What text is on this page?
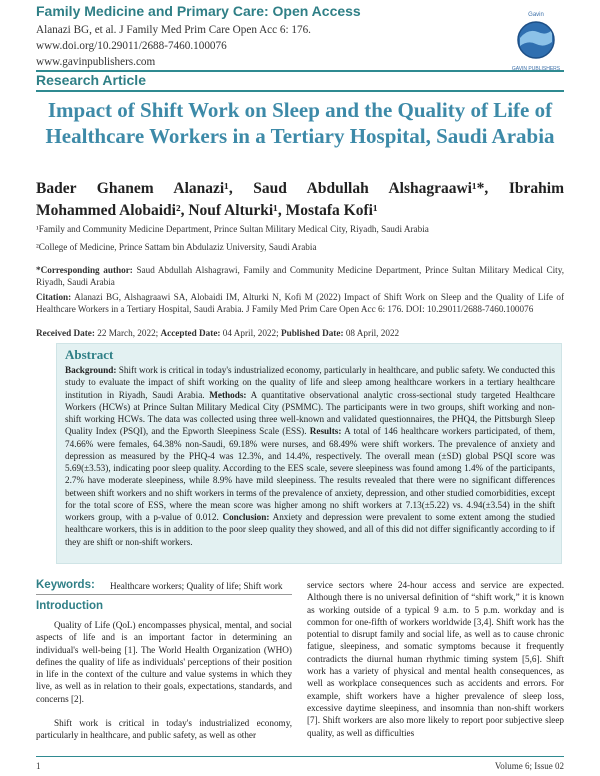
Family Medicine and Primary Care: Open Access
Alanazi BG, et al. J Family Med Prim Care Open Acc 6: 176.
www.doi.org/10.29011/2688-7460.100076
www.gavinpublishers.com
Research Article
Gavin
GAVIN PUBLISHERS
Impact of Shift Work on Sleep and the Quality of Life of Healthcare Workers in a Tertiary Hospital, Saudi Arabia
Bader Ghanem Alanazi¹, Saud Abdullah Alshagraawi¹*, Ibrahim
Mohammed Alobaidi², Nouf Alturki¹, Mostafa Kofi¹
¹Family and Community Medicine Department, Prince Sultan Military Medical City, Riyadh, Saudi Arabia
²College of Medicine, Prince Sattam bin Abdulaziz University, Saudi Arabia
*Corresponding author: Saud Abdullah Alshagrawi, Family and Community Medicine Department, Prince Sultan Military Medical City, Riyadh, Saudi Arabia
Citation: Alanazi BG, Alshagraawi SA, Alobaidi IM, Alturki N, Kofi M (2022) Impact of Shift Work on Sleep and the Quality of Life of Healthcare Workers in a Tertiary Hospital, Saudi Arabia. J Family Med Prim Care Open Acc 6: 176. DOI: 10.29011/2688-7460.100076
Received Date: 22 March, 2022; Accepted Date: 04 April, 2022; Published Date: 08 April, 2022
Abstract
Background: Shift work is critical in today's industrialized economy, particularly in healthcare, and public safety. We conducted this study to evaluate the impact of shift working on the quality of life and sleep among healthcare workers in a tertiary healthcare institution in Riyadh, Saudi Arabia. Methods: A quantitative observational analytic cross-sectional study targeted Healthcare Workers (HCWs) at Prince Sultan Military Medical City (PSMMC). The participants were in two groups, shift working and non-shift working HCWs. The data was collected using three well-known and validated questionnaires, the PHQ4, the Pittsburgh Sleep Quality Index (PSQI), and the Epworth Sleepiness Scale (ESS). Results: A total of 146 healthcare workers participated, of them, 74.66% were females, 64.38% non-Saudi, 69.18% were nurses, and 68.49% were shift workers. The prevalence of anxiety and depression as measured by the PHQ-4 was 12.3%, and 14.4%, respectively. The overall mean (±SD) global PSQI score was 5.69(±3.53), indicating poor sleep quality. According to the EES scale, severe sleepiness was found among 1.4% of the participants, 2.7% have moderate sleepiness, while 8.9% have mild sleepiness. The results revealed that there were no significant differences between shift workers and no shift workers in terms of the prevalence of anxiety, depression, and other studied comorbidities, except for the total score of ESS, where the mean score was higher among no shift workers at 7.13(±5.22) vs. 4.94(±3.54) in the shift workers group, with a p-value of 0.012. Conclusion: Anxiety and depression were prevalent to some extent among the studied healthcare workers, this is in addition to the poor sleep quality they showed, and all of this did not differ significantly according to if they are shift or non-shift workers.
Keywords: Healthcare workers; Quality of life; Shift work
Introduction

Quality of Life (QoL) encompasses physical, mental, and social aspects of life and is an important factor in determining an individual's well-being [1]. The World Health Organization (WHO) defines the quality of life as individuals' perceptions of their position in life in the context of the culture and value systems in which they live, as well as in relation to their goals, expectations, standards, and concerns [2].

Shift work is critical in today's industrialized economy, particularly in healthcare, and public safety, as well as other

service sectors where 24-hour access and service are expected. Although there is no universal definition of “shift work,” it is known as working outside of a typical 9 a.m. to 5 p.m. workday and is common for one-fifth of workers worldwide [3,4]. Shift work has the potential to disrupt family and social life, as well as to cause chronic fatigue, sleepiness, and somatic symptoms because it frequently contradicts the diurnal human rhythmic timing system [5,6]. Shift work has a variety of physical and mental health consequences, as well as workplace consequences such as accidents and errors. For example, shift workers have a higher prevalence of sleep loss, excessive daytime sleepiness, and insomnia than non-shift workers [7]. Shift workers are also more likely to report poor subjective sleep quality, as well as difficulties

1	Volume 6; Issue 02
